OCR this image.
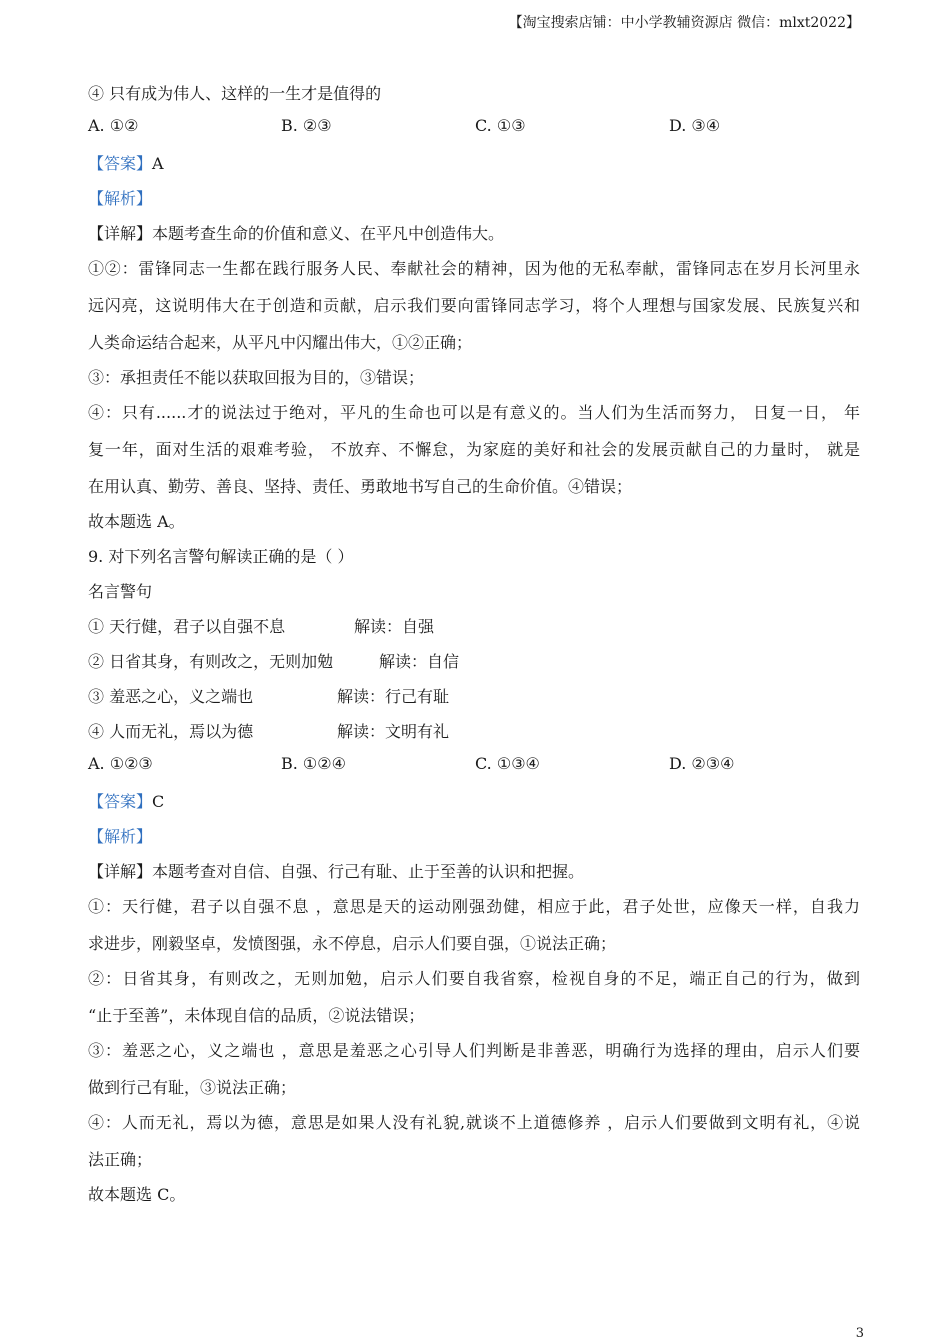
【淘宝搜索店铺：中小学教辅资源店 微信：mlxt2022】
④ 只有成为伟人、这样的一生才是值得的
A. ①②	B. ②③	C. ①③	D. ③④
【答案】A
【解析】
【详解】本题考查生命的价值和意义、在平凡中创造伟大。
①②：雷锋同志一生都在践行服务人民、奉献社会的精神，因为他的无私奉献，雷锋同志在岁月长河里永
远闪亮，这说明伟大在于创造和贡献，启示我们要向雷锋同志学习，将个人理想与国家发展、民族复兴和
人类命运结合起来，从平凡中闪耀出伟大，①②正确；
③：承担责任不能以获取回报为目的，③错误；
④：只有......才的说法过于绝对，平凡的生命也可以是有意义的。当人们为生活而努力， 日复一日， 年
复一年，面对生活的艰难考验， 不放弃、不懈怠，为家庭的美好和社会的发展贡献自己的力量时， 就是
在用认真、勤劳、善良、坚持、责任、勇敢地书写自己的生命价值。④错误；
故本题选 A。
9. 对下列名言警句解读正确的是（ ）
名言警句
① 天行健，君子以自强不息	解读：自强
② 日省其身，有则改之，无则加勉	解读：自信
③ 羞恶之心，义之端也	解读：行己有耻
④ 人而无礼，焉以为德	解读：文明有礼
A. ①②③	B. ①②④	C. ①③④	D. ②③④
【答案】C
【解析】
【详解】本题考查对自信、自强、行己有耻、止于至善的认识和把握。
①：天行健，君子以自强不息 ，意思是天的运动刚强劲健，相应于此，君子处世，应像天一样，自我力
求进步，刚毅坚卓，发愤图强，永不停息，启示人们要自强，①说法正确；
②：日省其身，有则改之，无则加勉，启示人们要自我省察，检视自身的不足，端正自己的行为，做到
“止于至善”，未体现自信的品质，②说法错误；
③：羞恶之心，义之端也 ，意思是羞恶之心引导人们判断是非善恶，明确行为选择的理由，启示人们要
做到行己有耻，③说法正确；
④：人而无礼，焉以为德，意思是如果人没有礼貌,就谈不上道德修养 ，启示人们要做到文明有礼，④说
法正确；
故本题选 C。
3
